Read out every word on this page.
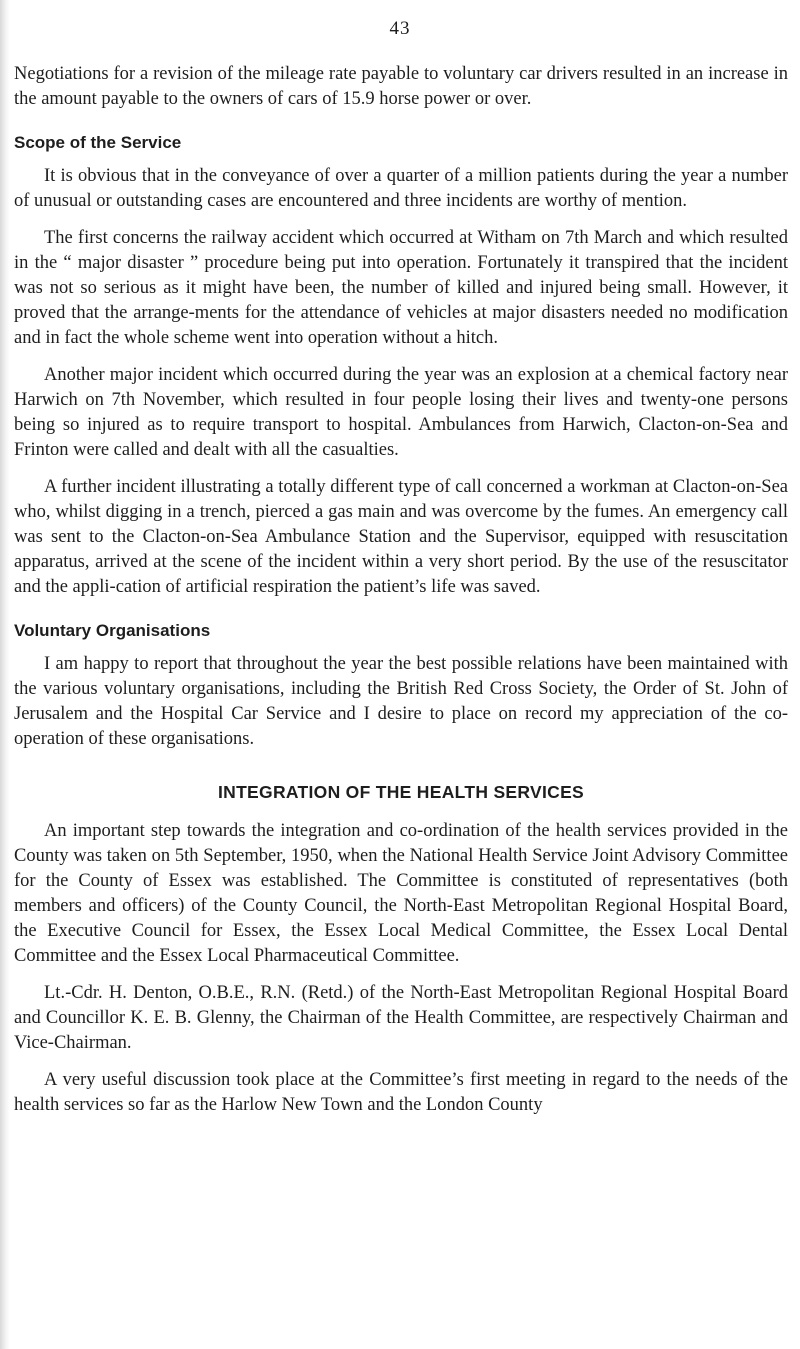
43

Negotiations for a revision of the mileage rate payable to voluntary car drivers resulted in an increase in the amount payable to the owners of cars of 15.9 horse power or over.

Scope of the Service

It is obvious that in the conveyance of over a quarter of a million patients during the year a number of unusual or outstanding cases are encountered and three incidents are worthy of mention.

The first concerns the railway accident which occurred at Witham on 7th March and which resulted in the “ major disaster ” procedure being put into operation. Fortunately it transpired that the incident was not so serious as it might have been, the number of killed and injured being small. However, it proved that the arrange-ments for the attendance of vehicles at major disasters needed no modification and in fact the whole scheme went into operation without a hitch.

Another major incident which occurred during the year was an explosion at a chemical factory near Harwich on 7th November, which resulted in four people losing their lives and twenty-one persons being so injured as to require transport to hospital. Ambulances from Harwich, Clacton-on-Sea and Frinton were called and dealt with all the casualties.

A further incident illustrating a totally different type of call concerned a workman at Clacton-on-Sea who, whilst digging in a trench, pierced a gas main and was overcome by the fumes. An emergency call was sent to the Clacton-on-Sea Ambulance Station and the Supervisor, equipped with resuscitation apparatus, arrived at the scene of the incident within a very short period. By the use of the resuscitator and the appli-cation of artificial respiration the patient’s life was saved.

Voluntary Organisations

I am happy to report that throughout the year the best possible relations have been maintained with the various voluntary organisations, including the British Red Cross Society, the Order of St. John of Jerusalem and the Hospital Car Service and I desire to place on record my appreciation of the co-operation of these organisations.

INTEGRATION OF THE HEALTH SERVICES

An important step towards the integration and co-ordination of the health services provided in the County was taken on 5th September, 1950, when the National Health Service Joint Advisory Committee for the County of Essex was established. The Committee is constituted of representatives (both members and officers) of the County Council, the North-East Metropolitan Regional Hospital Board, the Executive Council for Essex, the Essex Local Medical Committee, the Essex Local Dental Committee and the Essex Local Pharmaceutical Committee.

Lt.-Cdr. H. Denton, O.B.E., R.N. (Retd.) of the North-East Metropolitan Regional Hospital Board and Councillor K. E. B. Glenny, the Chairman of the Health Committee, are respectively Chairman and Vice-Chairman.

A very useful discussion took place at the Committee’s first meeting in regard to the needs of the health services so far as the Harlow New Town and the London County
